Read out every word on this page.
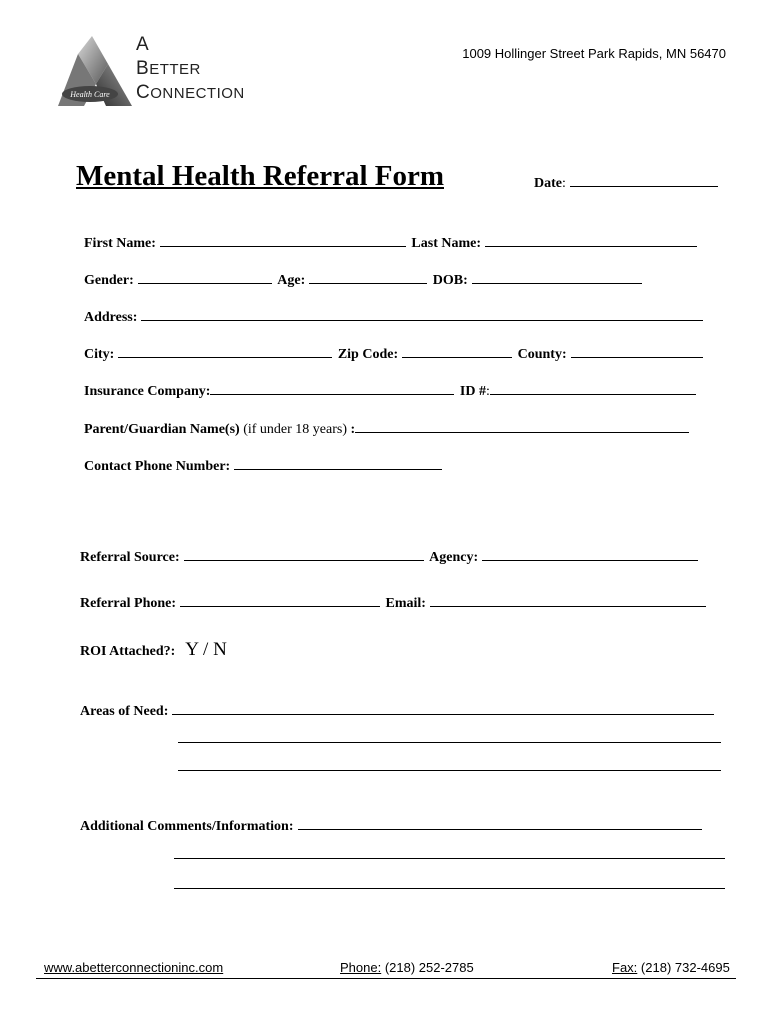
Health Care
A
BETTER
CONNECTION
1009 Hollinger Street Park Rapids, MN 56470
Mental Health Referral Form	Date:
First Name:	Last Name:
Gender:	Age:	DOB:
Address:
City:	Zip Code:	County:
Insurance Company:	ID #:
Parent/Guardian Name(s) (if under 18 years) :
Contact Phone Number:
Referral Source:	Agency:
Referral Phone:	Email:
ROI Attached?: Y / N
Areas of Need:
Additional Comments/Information:
www.abetterconnectioninc.com	Phone: (218) 252-2785	Fax: (218) 732-4695
